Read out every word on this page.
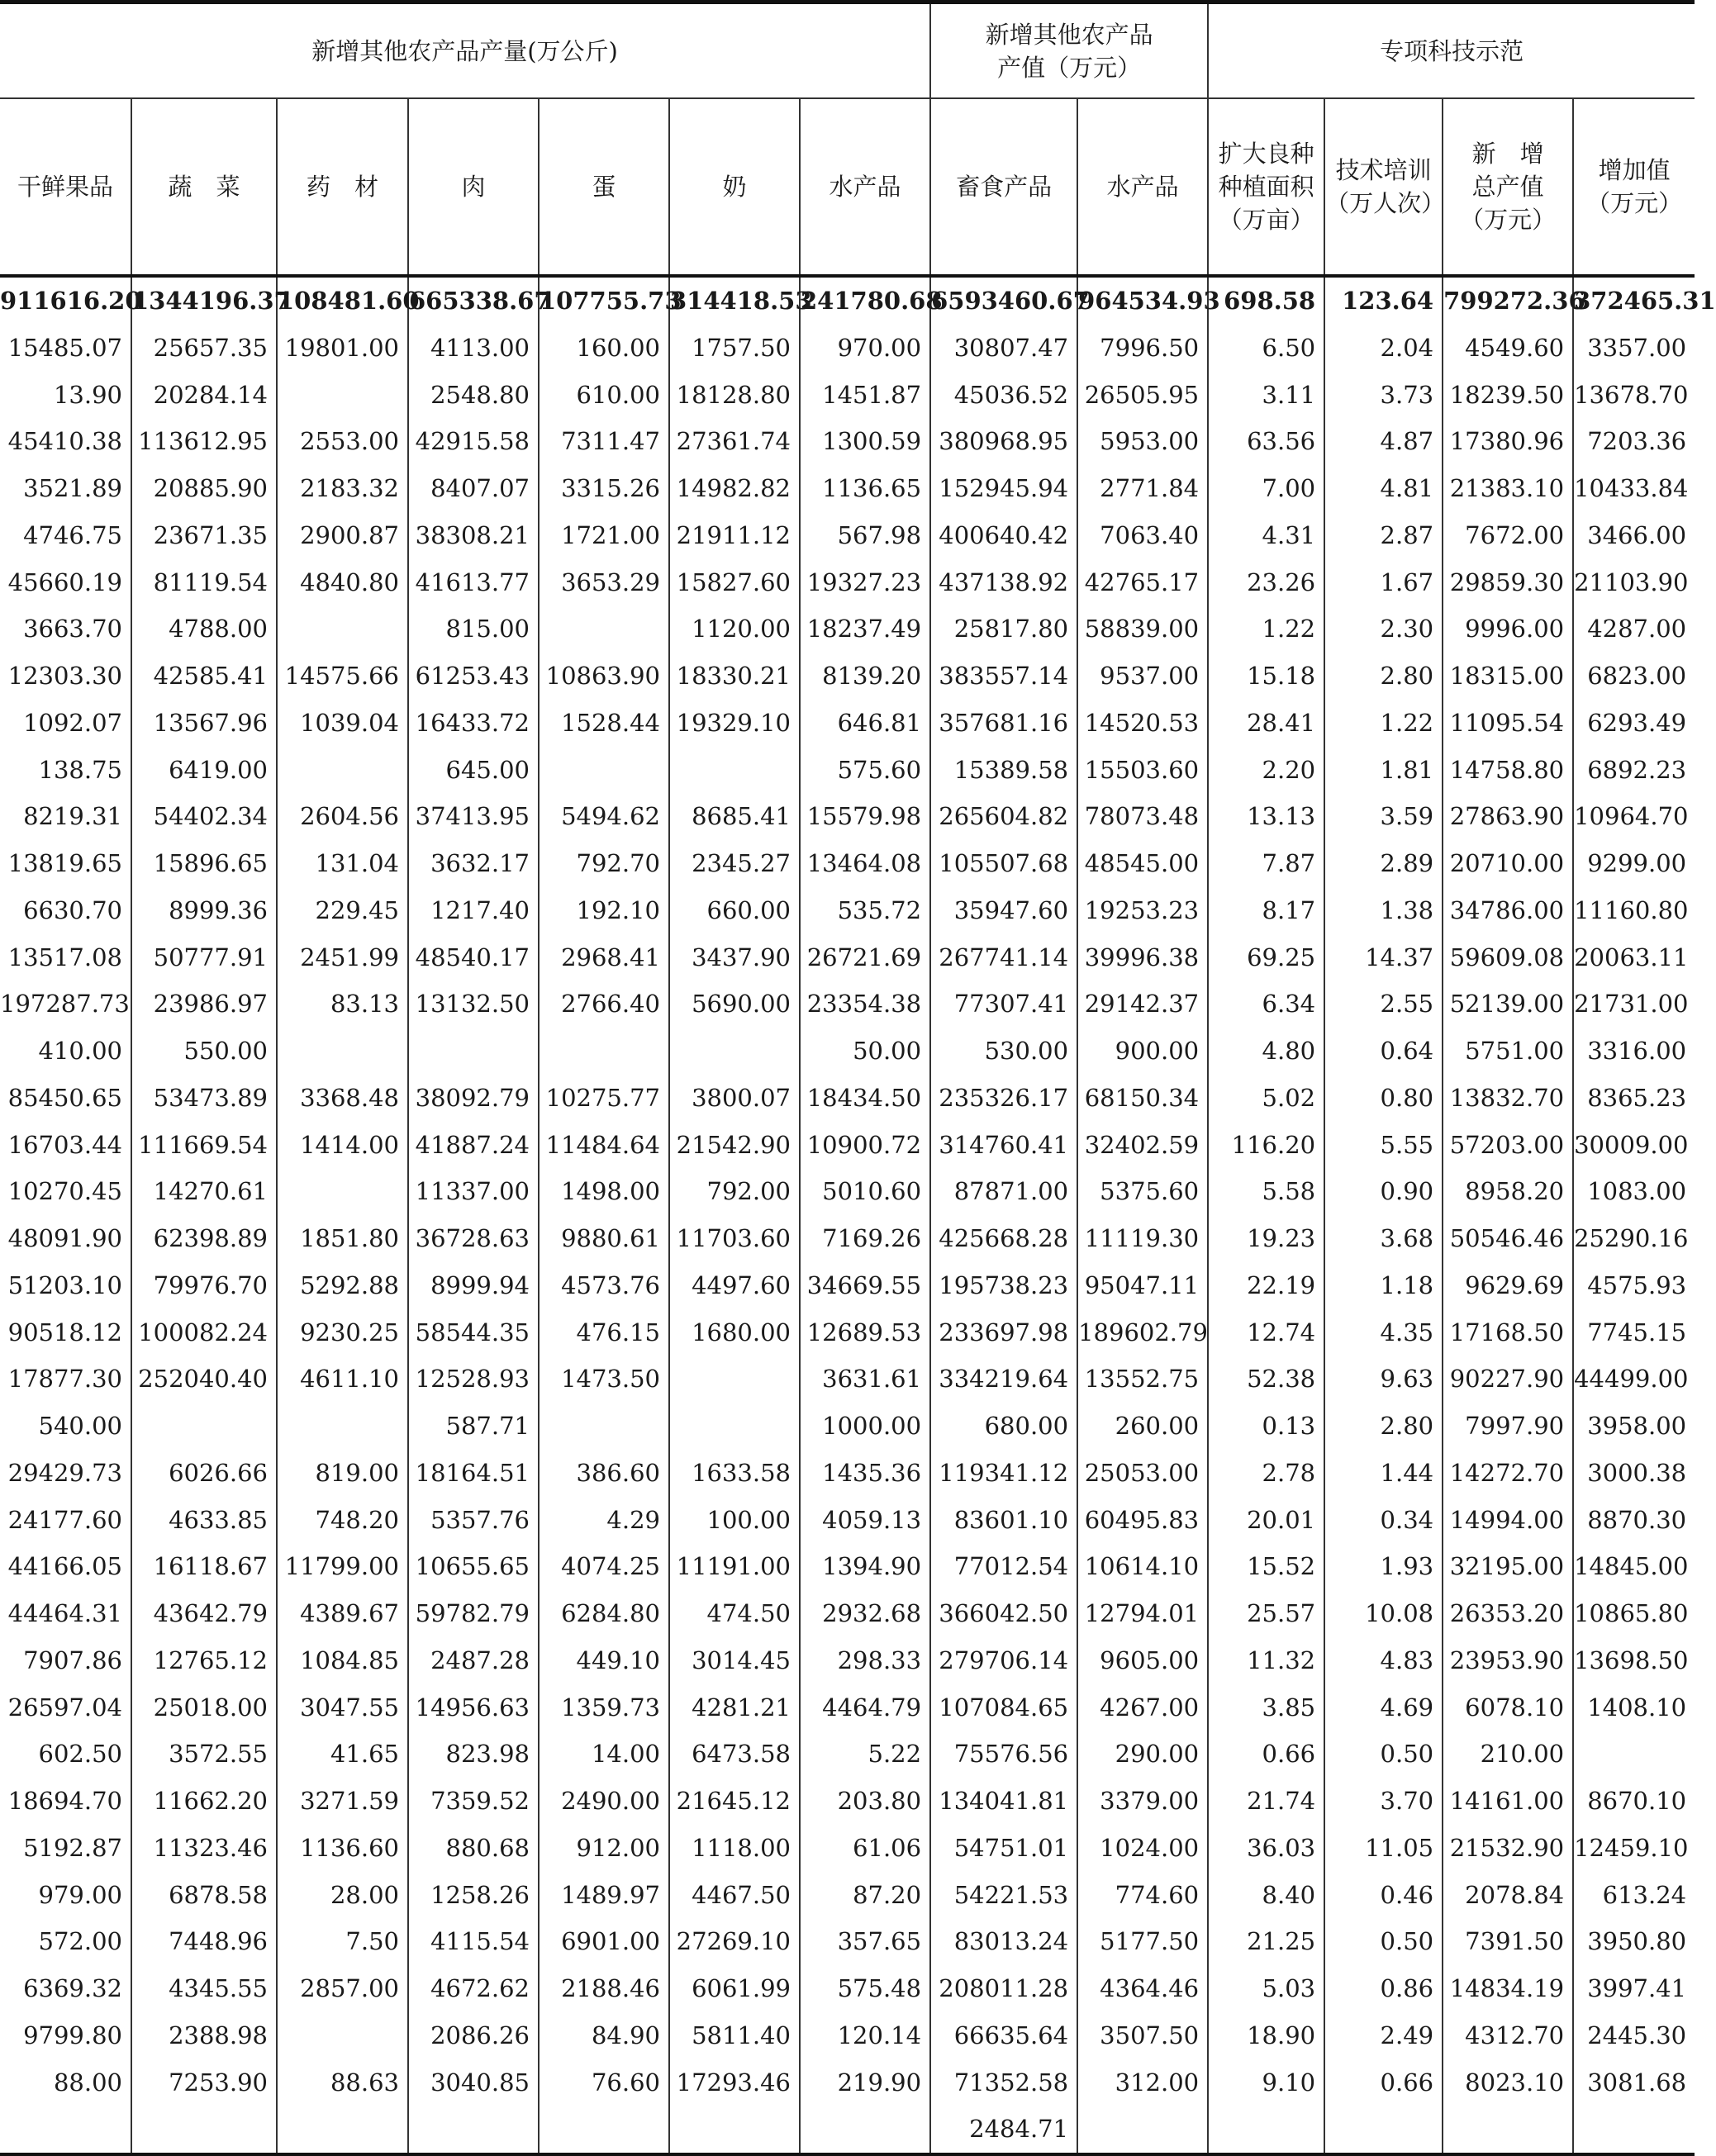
新增其他农产品产量(万公斤)							新增其他农产品
产值（万元）		专项科技示范			

干鲜果品	蔬　菜	药　材	肉	蛋	奶	水产品	畜食产品	水产品	扩大良种
种植面积
（万亩）	技术培训
（万人次）	新　增
总产值
（万元）	增加值
（万元）

911616.20	1344196.37	108481.60	665338.67	107755.73	314418.53	241780.68	6593460.67	964534.93	698.58	123.64	799272.36	372465.31
15485.07	25657.35	19801.00	4113.00	160.00	1757.50	970.00	30807.47	7996.50	6.50	2.04	4549.60	3357.00
13.90	20284.14		2548.80	610.00	18128.80	1451.87	45036.52	26505.95	3.11	3.73	18239.50	13678.70
45410.38	113612.95	2553.00	42915.58	7311.47	27361.74	1300.59	380968.95	5953.00	63.56	4.87	17380.96	7203.36
3521.89	20885.90	2183.32	8407.07	3315.26	14982.82	1136.65	152945.94	2771.84	7.00	4.81	21383.10	10433.84
4746.75	23671.35	2900.87	38308.21	1721.00	21911.12	567.98	400640.42	7063.40	4.31	2.87	7672.00	3466.00
45660.19	81119.54	4840.80	41613.77	3653.29	15827.60	19327.23	437138.92	42765.17	23.26	1.67	29859.30	21103.90
3663.70	4788.00		815.00		1120.00	18237.49	25817.80	58839.00	1.22	2.30	9996.00	4287.00
12303.30	42585.41	14575.66	61253.43	10863.90	18330.21	8139.20	383557.14	9537.00	15.18	2.80	18315.00	6823.00
1092.07	13567.96	1039.04	16433.72	1528.44	19329.10	646.81	357681.16	14520.53	28.41	1.22	11095.54	6293.49
138.75	6419.00		645.00			575.60	15389.58	15503.60	2.20	1.81	14758.80	6892.23
8219.31	54402.34	2604.56	37413.95	5494.62	8685.41	15579.98	265604.82	78073.48	13.13	3.59	27863.90	10964.70
13819.65	15896.65	131.04	3632.17	792.70	2345.27	13464.08	105507.68	48545.00	7.87	2.89	20710.00	9299.00
6630.70	8999.36	229.45	1217.40	192.10	660.00	535.72	35947.60	19253.23	8.17	1.38	34786.00	11160.80
13517.08	50777.91	2451.99	48540.17	2968.41	3437.90	26721.69	267741.14	39996.38	69.25	14.37	59609.08	20063.11
197287.73	23986.97	83.13	13132.50	2766.40	5690.00	23354.38	77307.41	29142.37	6.34	2.55	52139.00	21731.00
410.00	550.00					50.00	530.00	900.00	4.80	0.64	5751.00	3316.00
85450.65	53473.89	3368.48	38092.79	10275.77	3800.07	18434.50	235326.17	68150.34	5.02	0.80	13832.70	8365.23
16703.44	111669.54	1414.00	41887.24	11484.64	21542.90	10900.72	314760.41	32402.59	116.20	5.55	57203.00	30009.00
10270.45	14270.61		11337.00	1498.00	792.00	5010.60	87871.00	5375.60	5.58	0.90	8958.20	1083.00
48091.90	62398.89	1851.80	36728.63	9880.61	11703.60	7169.26	425668.28	11119.30	19.23	3.68	50546.46	25290.16
51203.10	79976.70	5292.88	8999.94	4573.76	4497.60	34669.55	195738.23	95047.11	22.19	1.18	9629.69	4575.93
90518.12	100082.24	9230.25	58544.35	476.15	1680.00	12689.53	233697.98	189602.79	12.74	4.35	17168.50	7745.15
17877.30	252040.40	4611.10	12528.93	1473.50		3631.61	334219.64	13552.75	52.38	9.63	90227.90	44499.00
540.00			587.71			1000.00	680.00	260.00	0.13	2.80	7997.90	3958.00
29429.73	6026.66	819.00	18164.51	386.60	1633.58	1435.36	119341.12	25053.00	2.78	1.44	14272.70	3000.38
24177.60	4633.85	748.20	5357.76	4.29	100.00	4059.13	83601.10	60495.83	20.01	0.34	14994.00	8870.30
44166.05	16118.67	11799.00	10655.65	4074.25	11191.00	1394.90	77012.54	10614.10	15.52	1.93	32195.00	14845.00
44464.31	43642.79	4389.67	59782.79	6284.80	474.50	2932.68	366042.50	12794.01	25.57	10.08	26353.20	10865.80
7907.86	12765.12	1084.85	2487.28	449.10	3014.45	298.33	279706.14	9605.00	11.32	4.83	23953.90	13698.50
26597.04	25018.00	3047.55	14956.63	1359.73	4281.21	4464.79	107084.65	4267.00	3.85	4.69	6078.10	1408.10
602.50	3572.55	41.65	823.98	14.00	6473.58	5.22	75576.56	290.00	0.66	0.50	210.00	
18694.70	11662.20	3271.59	7359.52	2490.00	21645.12	203.80	134041.81	3379.00	21.74	3.70	14161.00	8670.10
5192.87	11323.46	1136.60	880.68	912.00	1118.00	61.06	54751.01	1024.00	36.03	11.05	21532.90	12459.10
979.00	6878.58	28.00	1258.26	1489.97	4467.50	87.20	54221.53	774.60	8.40	0.46	2078.84	613.24
572.00	7448.96	7.50	4115.54	6901.00	27269.10	357.65	83013.24	5177.50	21.25	0.50	7391.50	3950.80
6369.32	4345.55	2857.00	4672.62	2188.46	6061.99	575.48	208011.28	4364.46	5.03	0.86	14834.19	3997.41
9799.80	2388.98		2086.26	84.90	5811.40	120.14	66635.64	3507.50	18.90	2.49	4312.70	2445.30
88.00	7253.90	88.63	3040.85	76.60	17293.46	219.90	71352.58	312.00	9.10	0.66	8023.10	3081.68
							2484.71					
